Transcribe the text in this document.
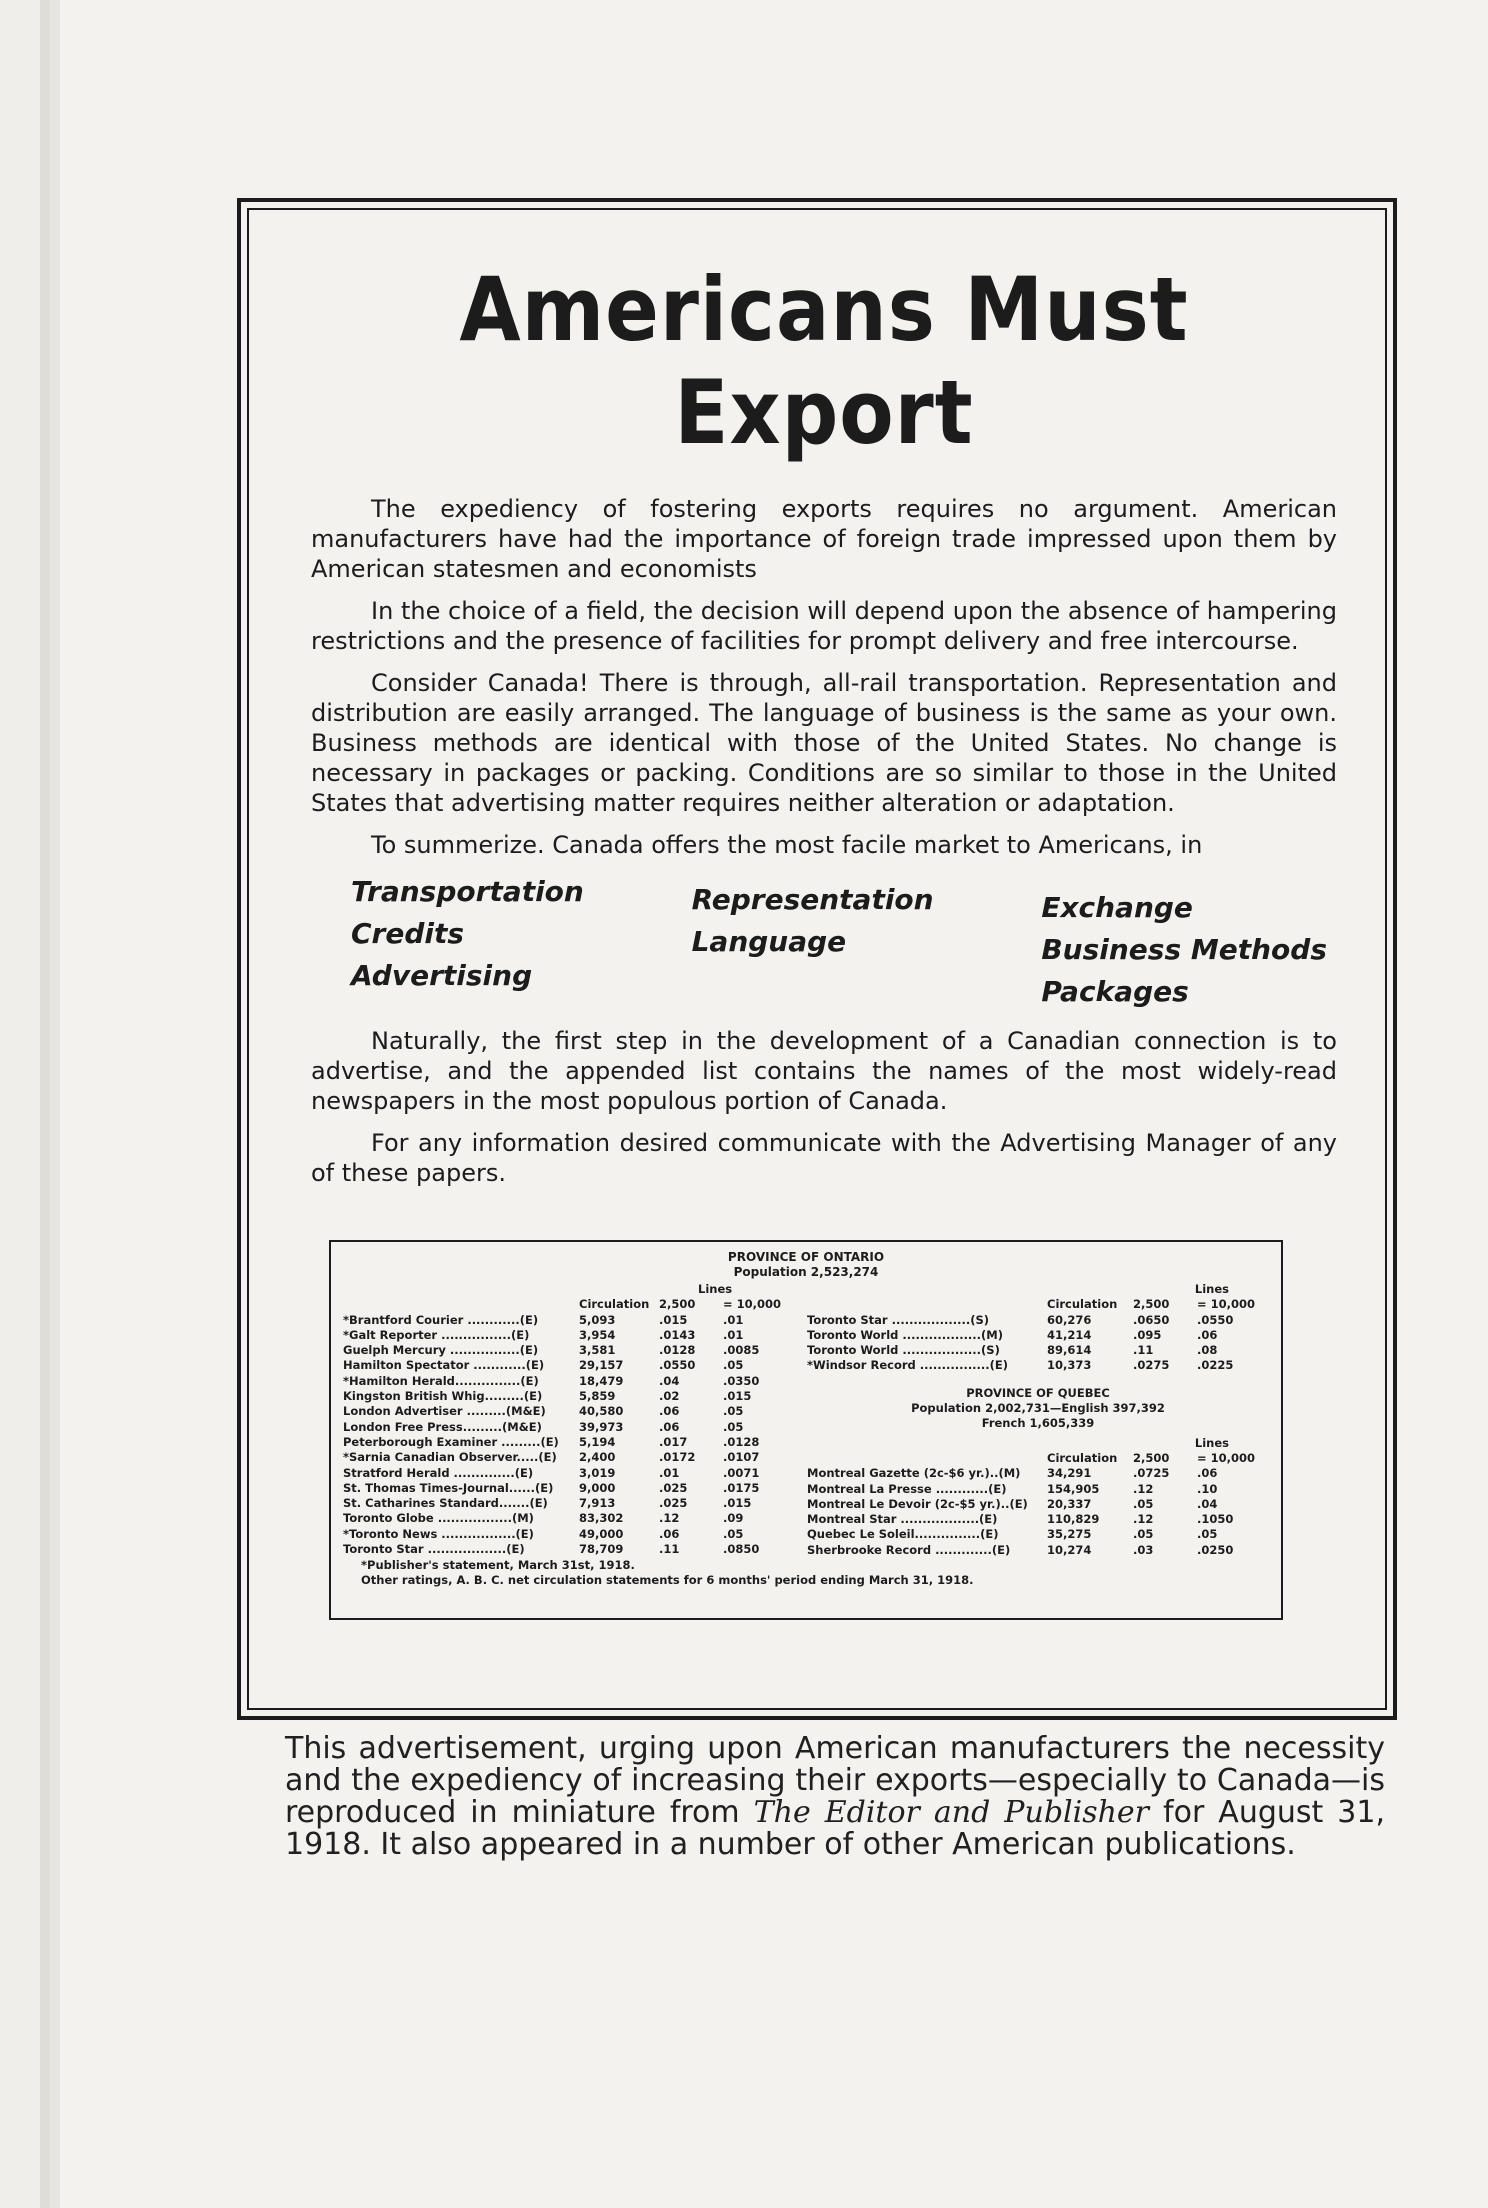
Americans Must Export

The expediency of fostering exports requires no argument. American manufacturers have had the importance of foreign trade impressed upon them by American statesmen and economists

In the choice of a field, the decision will depend upon the absence of hampering restrictions and the presence of facilities for prompt delivery and free intercourse.

Consider Canada! There is through, all-rail transportation. Representation and distribution are easily arranged. The language of business is the same as your own. Business methods are identical with those of the United States. No change is necessary in packages or packing. Conditions are so similar to those in the United States that advertising matter requires neither alteration or adaptation.

To summerize. Canada offers the most facile market to Americans, in

Transportation
Credits
Advertising
Representation
Language
Exchange
Business Methods
Packages

Naturally, the first step in the development of a Canadian connection is to advertise, and the appended list contains the names of the most widely-read newspapers in the most populous portion of Canada.

For any information desired communicate with the Advertising Manager of any of these papers.

PROVINCE OF ONTARIO
Population 2,523,274
Lines
Circulation 2,500	= 10,000
*Brantford Courier ............(E)	5,093	.015	.01
*Galt Reporter ................(E)	3,954	.0143	.01
Guelph Mercury ................(E)	3,581	.0128	.0085
Hamilton Spectator ............(E)	29,157	.0550	.05
*Hamilton Herald...............(E)	18,479	.04	.0350
Kingston British Whig.........(E)	5,859	.02	.015
London Advertiser .........(M&E)	40,580	.06	.05
London Free Press.........(M&E)	39,973	.06	.05
Peterborough Examiner .........(E)	5,194	.017	.0128
*Sarnia Canadian Observer.....(E)	2,400	.0172	.0107
Stratford Herald ..............(E)	3,019	.01	.0071
St. Thomas Times-Journal......(E)	9,000	.025	.0175
St. Catharines Standard.......(E)	7,913	.025	.015
Toronto Globe .................(M)	83,302	.12	.09
*Toronto News .................(E)	49,000	.06	.05
Toronto Star ..................(E)	78,709	.11	.0850
Lines
Circulation	2,500	= 10,000
Toronto Star ..................(S)	60,276	.0650	.0550
Toronto World ..................(M)	41,214	.095	.06
Toronto World ..................(S)	89,614	.11	.08
*Windsor Record ................(E)	10,373	.0275	.0225
PROVINCE OF QUEBEC
Population 2,002,731—English 397,392
French 1,605,339
Lines
Circulation	2,500	= 10,000
Montreal Gazette (2c-$6 yr.)..(M)	34,291	.0725	.06
Montreal La Presse ............(E)	154,905	.12	.10
Montreal Le Devoir (2c-$5 yr.)..(E)	20,337	.05	.04
Montreal Star ..................(E)	110,829	.12	.1050
Quebec Le Soleil...............(E)	35,275	.05	.05
Sherbrooke Record .............(E)	10,274	.03	.0250
*Publisher's statement, March 31st, 1918.
Other ratings, A. B. C. net circulation statements for 6 months' period ending March 31, 1918.
This advertisement, urging upon American manufacturers the necessity and the expediency of increasing their exports—especially to Canada—is reproduced in miniature from The Editor and Publisher for August 31, 1918. It also appeared in a number of other American publications.
